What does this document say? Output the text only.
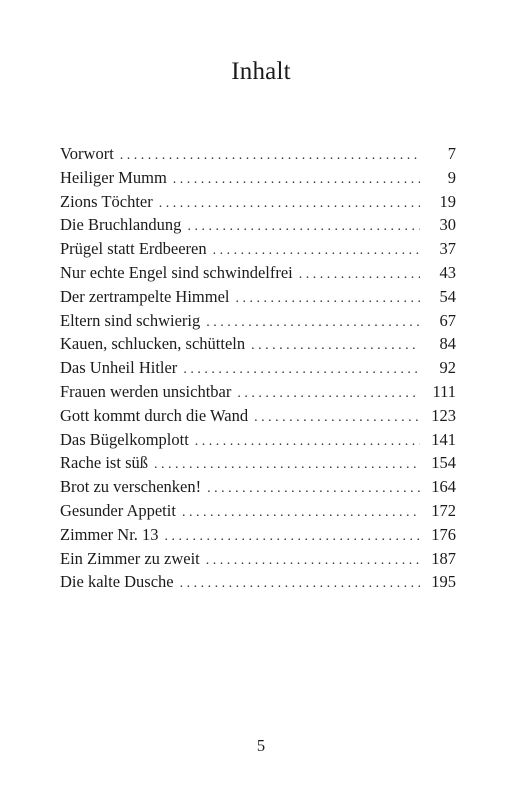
Inhalt
Vorwort . . .	7
Heiliger Mumm . . .	9
Zions Töchter . . .	19
Die Bruchlandung . . .	30
Prügel statt Erdbeeren . . .	37
Nur echte Engel sind schwindelfrei . . .	43
Der zertrampelte Himmel . . .	54
Eltern sind schwierig . . .	67
Kauen, schlucken, schütteln . . .	84
Das Unheil Hitler . . .	92
Frauen werden unsichtbar . . .	111
Gott kommt durch die Wand . . .	123
Das Bügelkomplott . . .	141
Rache ist süß . . .	154
Brot zu verschenken! . . .	164
Gesunder Appetit . . .	172
Zimmer Nr. 13 . . .	176
Ein Zimmer zu zweit . . .	187
Die kalte Dusche . . .	195

5
